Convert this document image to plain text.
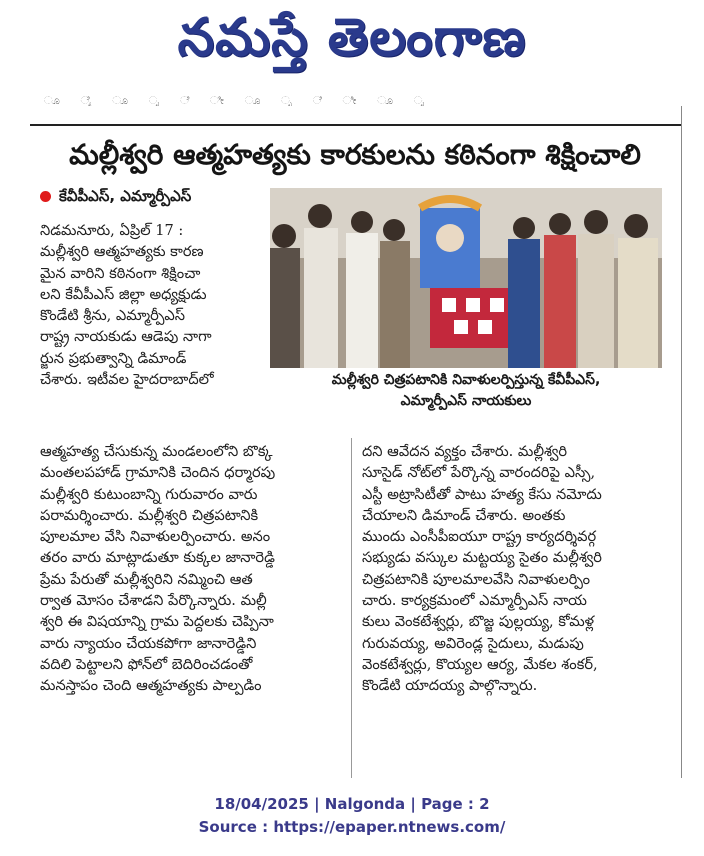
నమస్తే తెలంగాణ
ೂ ೈ ೂ ೃ ೆ ೀ ೂ ೃ ೆ ೀ ೂ ೃ
మల్లీశ్వరి ఆత్మహత్యకు కారకులను కఠినంగా శిక్షించాలి
కేవీపీఎస్, ఎమ్మార్పీఎస్
మల్లీశ్వరి చిత్రపటానికి నివాళులర్పిస్తున్న కేవీపీఎస్,
ఎమ్మార్పీఎస్ నాయకులు
నిడమనూరు, ఏప్రిల్ 17 :
మల్లీశ్వరి ఆత్మహత్యకు కారణ
మైన వారిని కఠినంగా శిక్షించా
లని కేవీపీఎస్ జిల్లా అధ్యక్షుడు
కొండేటి శ్రీను, ఎమ్మార్పీఎస్
రాష్ట్ర నాయకుడు ఆడెపు నాగా
ర్జున ప్రభుత్వాన్ని డిమాండ్
చేశారు. ఇటీవల హైదరాబాద్‌లో
ఆత్మహత్య చేసుకున్న మండలంలోని బొక్క
మంతలపహాడ్ గ్రామానికి చెందిన ధర్మారపు
మల్లీశ్వరి కుటుంబాన్ని గురువారం వారు
పరామర్శించారు. మల్లీశ్వరి చిత్రపటానికి
పూలమాల వేసి నివాళులర్పించారు. అనం
తరం వారు మాట్లాడుతూ కుక్కల జానారెడ్డి
ప్రేమ పేరుతో మల్లీశ్వరిని నమ్మించి ఆత
ర్వాత మోసం చేశాడని పేర్కొన్నారు. మల్లీ
శ్వరి ఈ విషయాన్ని గ్రామ పెద్దలకు చెప్పినా
వారు న్యాయం చేయకపోగా జానారెడ్డిని
వదిలి పెట్టాలని ఫోన్‌లో బెదిరించడంతో
మనస్తాపం చెంది ఆత్మహత్యకు పాల్పడిం
దని ఆవేదన వ్యక్తం చేశారు. మల్లీశ్వరి
సూసైడ్ నోట్‌లో పేర్కొన్న వారందరిపై ఎస్సీ,
ఎస్టీ అట్రాసిటీతో పాటు హత్య కేసు నమోదు
చేయాలని డిమాండ్ చేశారు. అంతకు
ముందు ఎంసీపీఐయూ రాష్ట్ర కార్యదర్శివర్గ
సభ్యుడు వస్కుల మట్టయ్య సైతం మల్లీశ్వరి
చిత్రపటానికి పూలమాలవేసి నివాళులర్పిం
చారు. కార్యక్రమంలో ఎమ్మార్పీఎస్ నాయ
కులు వెంకటేశ్వర్లు, బొజ్జ పుల్లయ్య, కోమళ్ల
గురువయ్య, అవిరెండ్ల సైదులు, మడుపు
వెంకటేశ్వర్లు, కొయ్యల ఆర్య, మేకల శంకర్,
కొండేటి యాదయ్య పాల్గొన్నారు.
18/04/2025 | Nalgonda | Page : 2
Source : https://epaper.ntnews.com/
